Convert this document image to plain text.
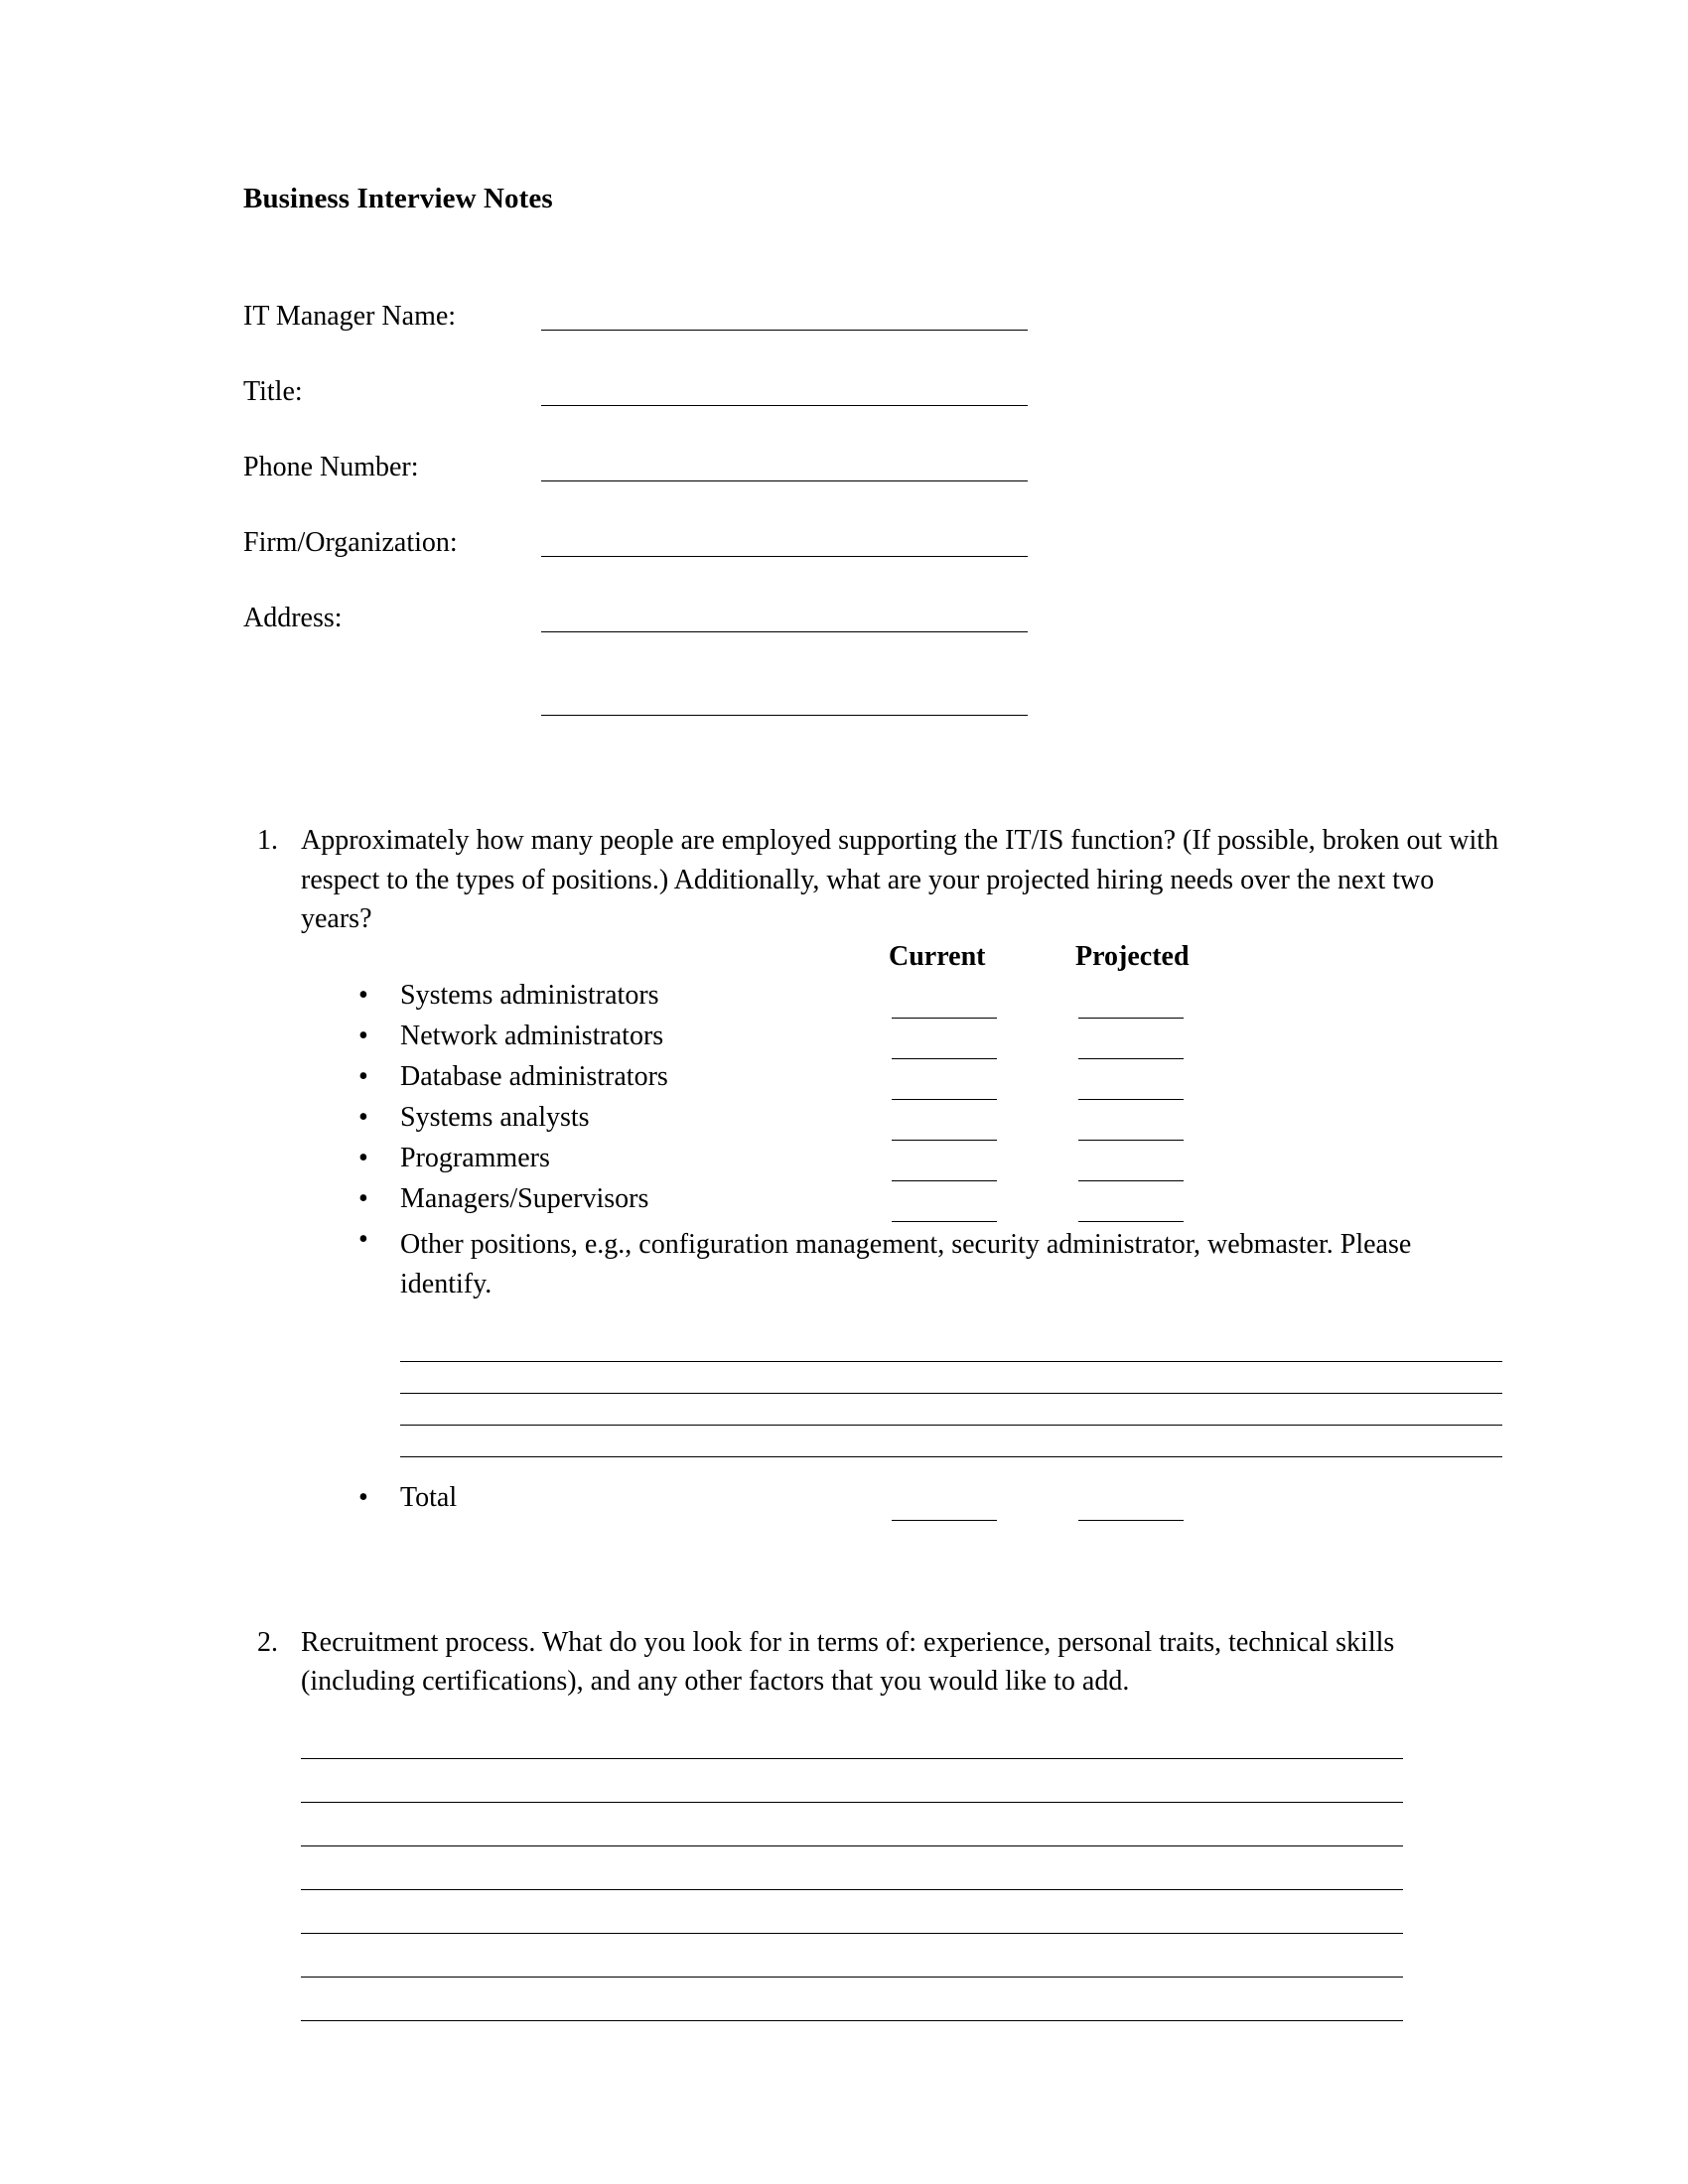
Business Interview Notes
IT Manager Name:
Title:
Phone Number:
Firm/Organization:
Address:
1. Approximately how many people are employed supporting the IT/IS function? (If possible, broken out with respect to the types of positions.) Additionally, what are your projected hiring needs over the next two years?

Current	Projected
• Systems administrators
• Network administrators
• Database administrators
• Systems analysts
• Programmers
• Managers/Supervisors
• Other positions, e.g., configuration management, security administrator, webmaster. Please identify.
• Total
2. Recruitment process. What do you look for in terms of: experience, personal traits, technical skills (including certifications), and any other factors that you would like to add.
